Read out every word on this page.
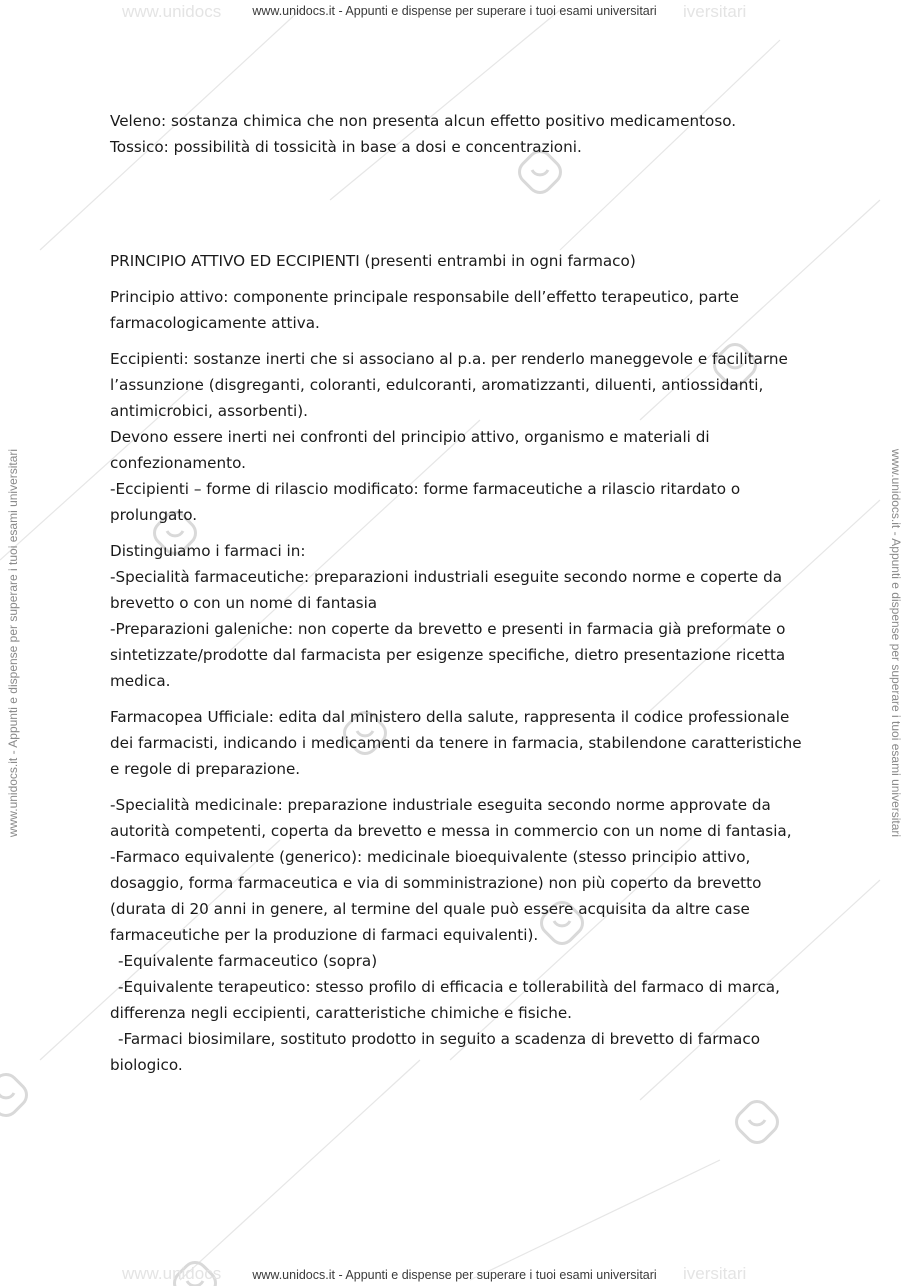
www.unidocs	iversitari
www.unidocs	iversitari
www.unidocs.it - Appunti e dispense per superare i tuoi esami universitari
www.unidocs.it - Appunti e dispense per superare i tuoi esami universitari
www.unidocs.it - Appunti e dispense per superare i tuoi esami universitari	www.unidocs.it - Appunti e dispense per superare i tuoi esami universitari

Veleno: sostanza chimica che non presenta alcun effetto positivo medicamentoso.

Tossico: possibilità di tossicità in base a dosi e concentrazioni.

PRINCIPIO ATTIVO ED ECCIPIENTI (presenti entrambi in ogni farmaco)

Principio attivo: componente principale responsabile dell’effetto terapeutico, parte farmacologicamente attiva.

Eccipienti: sostanze inerti che si associano al p.a. per renderlo maneggevole e facilitarne l’assunzione (disgreganti, coloranti, edulcoranti, aromatizzanti, diluenti, antiossidanti, antimicrobici, assorbenti).

Devono essere inerti nei confronti del principio attivo, organismo e materiali di confezionamento.

-Eccipienti – forme di rilascio modificato: forme farmaceutiche a rilascio ritardato o prolungato.

Distinguiamo i farmaci in:

-Specialità farmaceutiche: preparazioni industriali eseguite secondo norme e coperte da brevetto o con un nome di fantasia

-Preparazioni galeniche: non coperte da brevetto e presenti in farmacia già preformate o sintetizzate/prodotte dal farmacista per esigenze specifiche, dietro presentazione ricetta medica.

Farmacopea Ufficiale: edita dal ministero della salute, rappresenta il codice professionale dei farmacisti, indicando i medicamenti da tenere in farmacia, stabilendone caratteristiche e regole di preparazione.

-Specialità medicinale: preparazione industriale eseguita secondo norme approvate da autorità competenti, coperta da brevetto e messa in commercio con un nome di fantasia,

-Farmaco equivalente (generico): medicinale bioequivalente (stesso principio attivo, dosaggio, forma farmaceutica e via di somministrazione) non più coperto da brevetto (durata di 20 anni in genere, al termine del quale può essere acquisita da altre case farmaceutiche per la produzione di farmaci equivalenti).

-Equivalente farmaceutico (sopra)

-Equivalente terapeutico: stesso profilo di efficacia e tollerabilità del farmaco di marca, differenza negli eccipienti, caratteristiche chimiche e fisiche.

-Farmaci biosimilare, sostituto prodotto in seguito a scadenza di brevetto di farmaco biologico.
